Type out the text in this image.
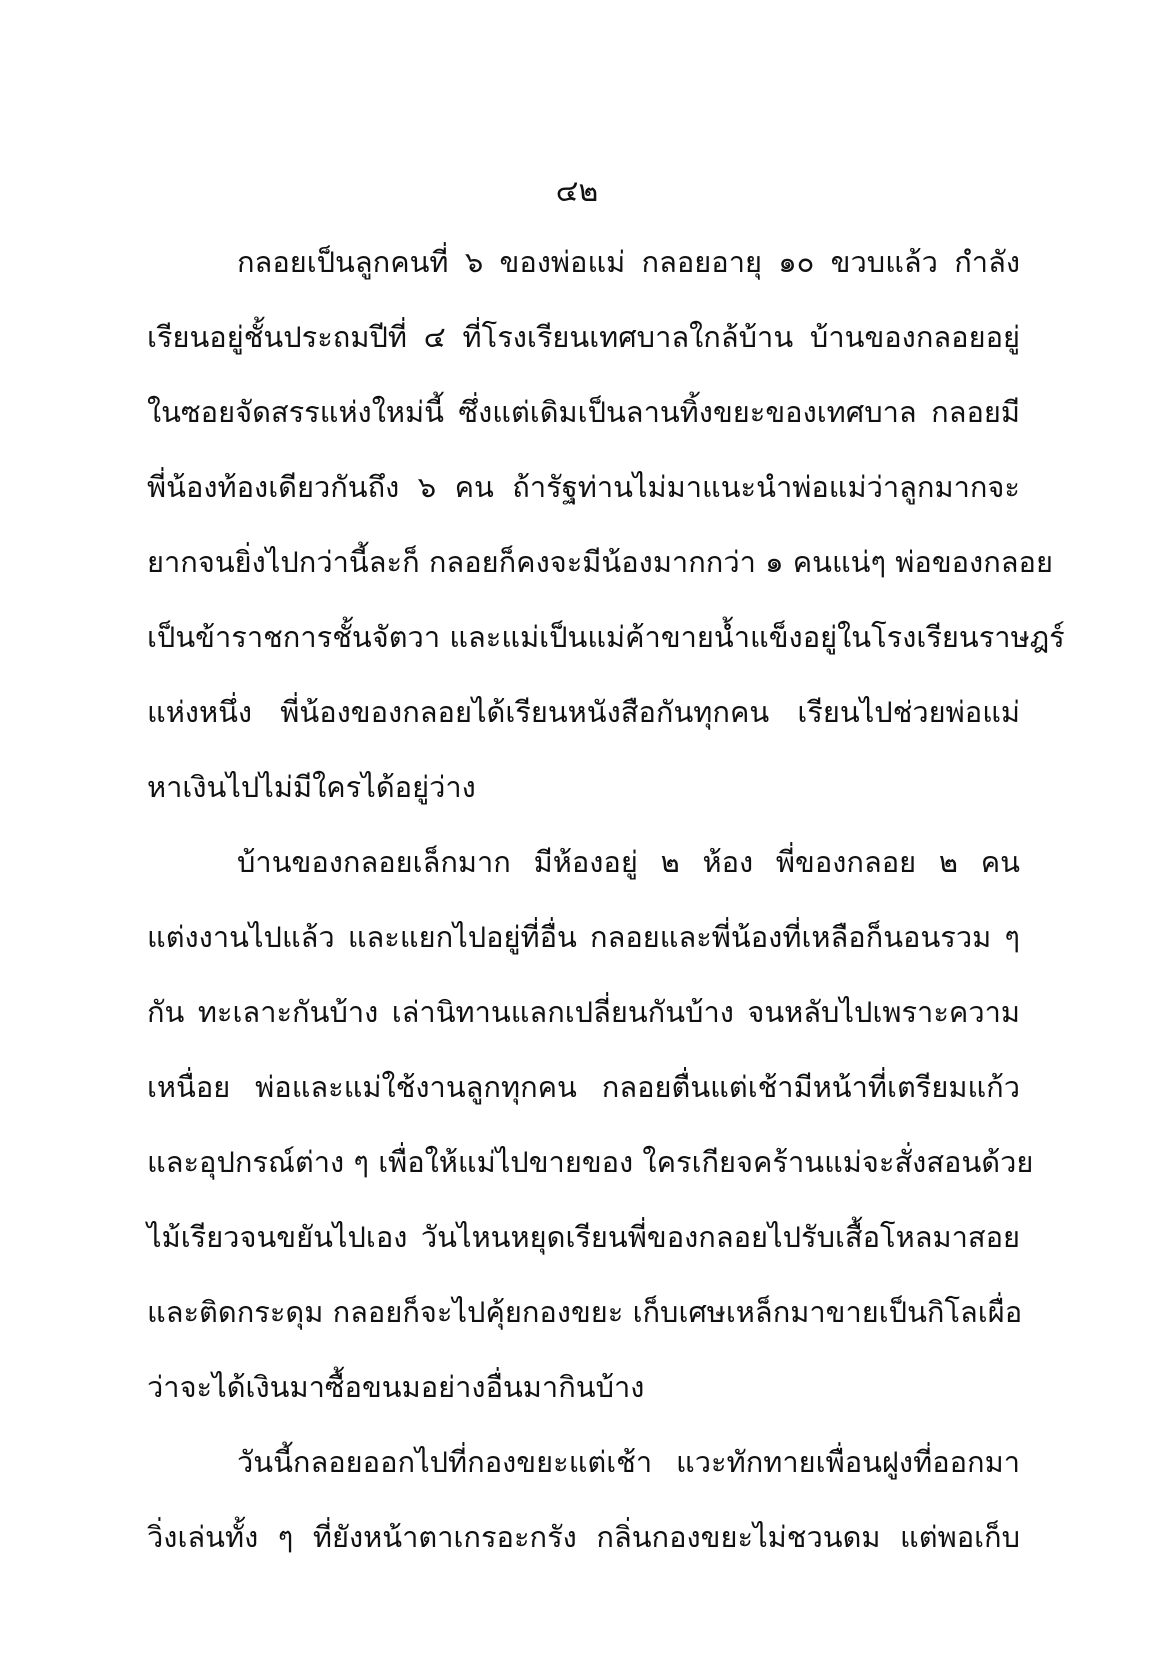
๔๒
กลอยเป็นลูกคนที่ ๖ ของพ่อแม่ กลอยอายุ ๑๐ ขวบแล้ว กำลัง
เรียนอยู่ชั้นประถมปีที่ ๔ ที่โรงเรียนเทศบาลใกล้บ้าน บ้านของกลอยอยู่
ในซอยจัดสรรแห่งใหม่นี้ ซึ่งแต่เดิมเป็นลานทิ้งขยะของเทศบาล กลอยมี
พี่น้องท้องเดียวกันถึง ๖ คน ถ้ารัฐท่านไม่มาแนะนำพ่อแม่ว่าลูกมากจะ
ยากจนยิ่งไปกว่านี้ละก็ กลอยก็คงจะมีน้องมากกว่า ๑ คนแน่ๆ พ่อของกลอย
เป็นข้าราชการชั้นจัตวา และแม่เป็นแม่ค้าขายน้ำแข็งอยู่ในโรงเรียนราษฎร์
แห่งหนึ่ง พี่น้องของกลอยได้เรียนหนังสือกันทุกคน เรียนไปช่วยพ่อแม่
หาเงินไปไม่มีใครได้อยู่ว่าง
บ้านของกลอยเล็กมาก มีห้องอยู่ ๒ ห้อง พี่ของกลอย ๒ คน
แต่งงานไปแล้ว และแยกไปอยู่ที่อื่น กลอยและพี่น้องที่เหลือก็นอนรวม ๆ
กัน ทะเลาะกันบ้าง เล่านิทานแลกเปลี่ยนกันบ้าง จนหลับไปเพราะความ
เหนื่อย พ่อและแม่ใช้งานลูกทุกคน กลอยตื่นแต่เช้ามีหน้าที่เตรียมแก้ว
และอุปกรณ์ต่าง ๆ เพื่อให้แม่ไปขายของ ใครเกียจคร้านแม่จะสั่งสอนด้วย
ไม้เรียวจนขยันไปเอง วันไหนหยุดเรียนพี่ของกลอยไปรับเสื้อโหลมาสอย
และติดกระดุม กลอยก็จะไปคุ้ยกองขยะ เก็บเศษเหล็กมาขายเป็นกิโลเผื่อ
ว่าจะได้เงินมาซื้อขนมอย่างอื่นมากินบ้าง
วันนี้กลอยออกไปที่กองขยะแต่เช้า แวะทักทายเพื่อนฝูงที่ออกมา
วิ่งเล่นทั้ง ๆ ที่ยังหน้าตาเกรอะกรัง กลิ่นกองขยะไม่ชวนดม แต่พอเก็บ
